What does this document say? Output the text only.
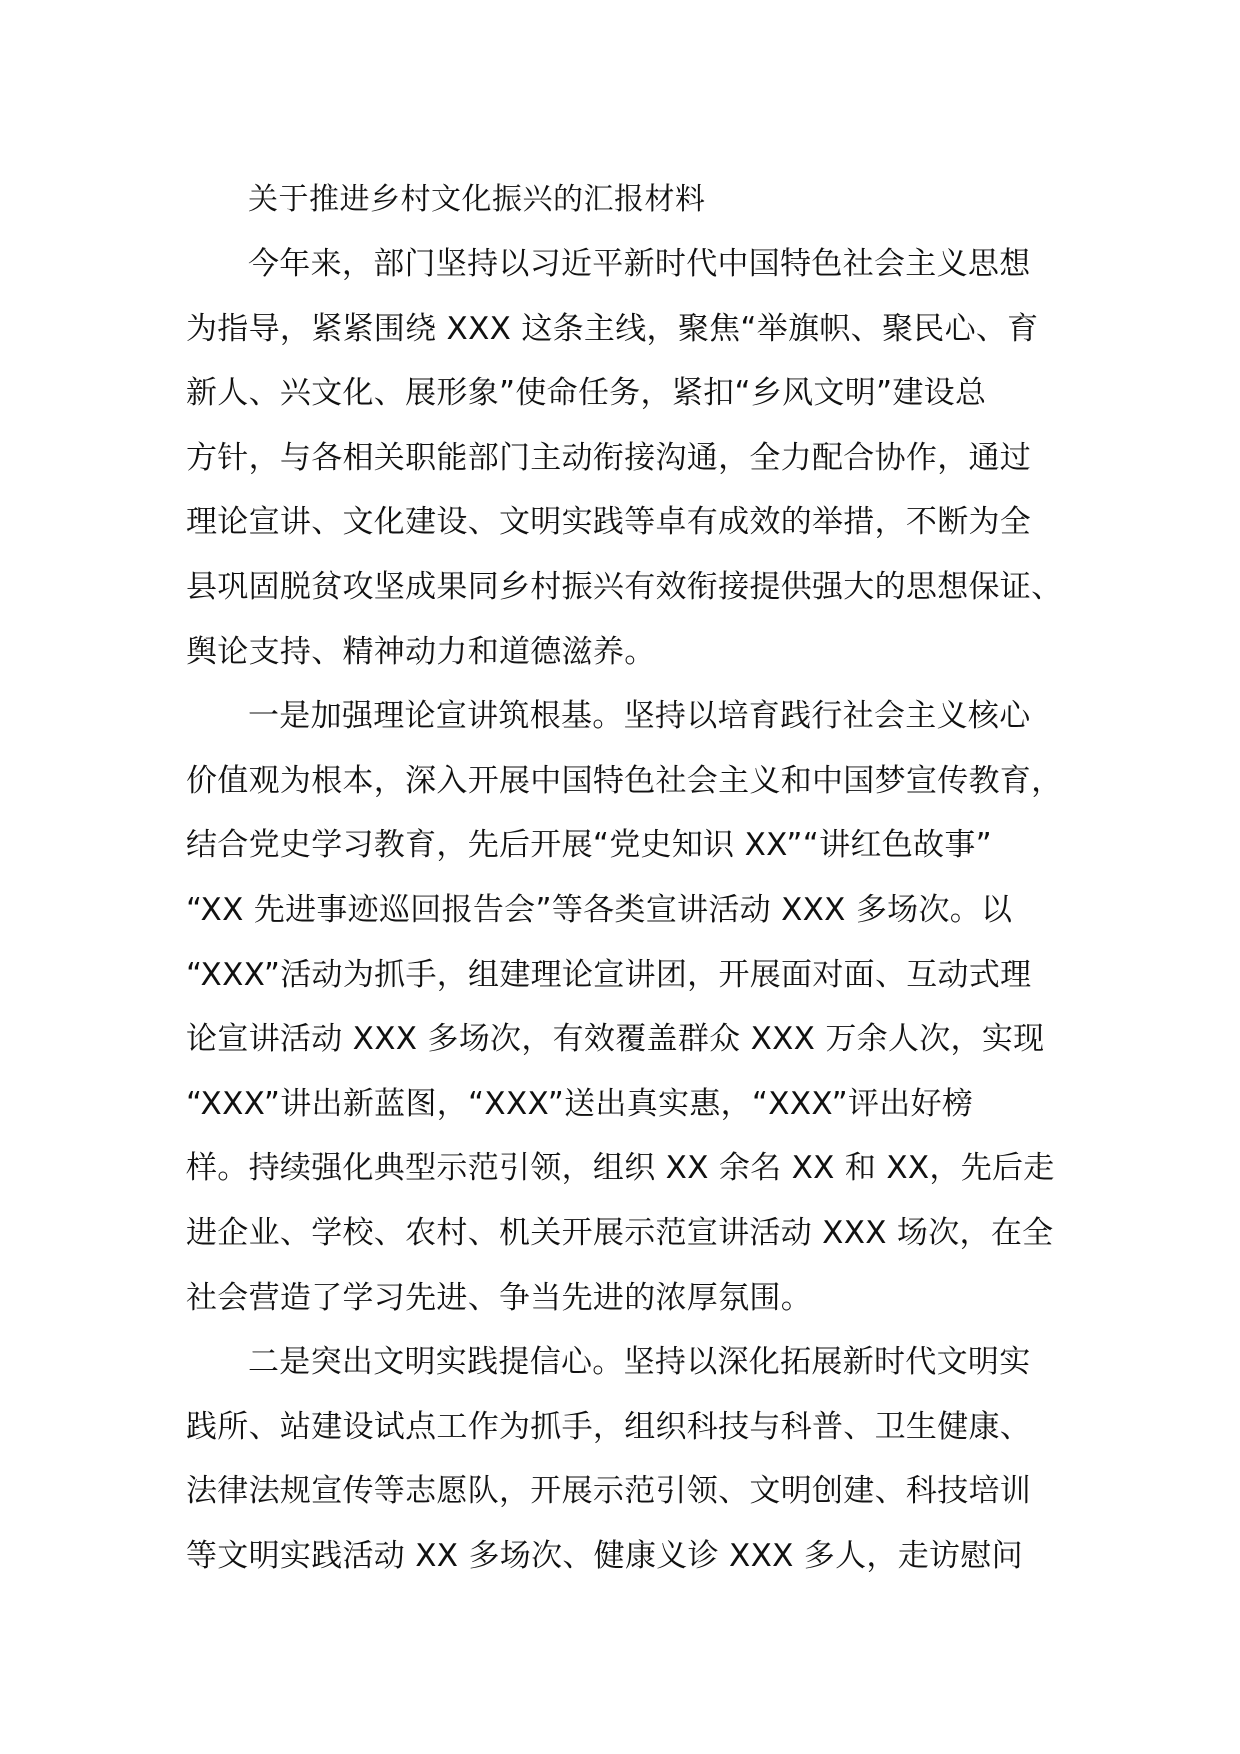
关于推进乡村文化振兴的汇报材料

今年来，部门坚持以习近平新时代中国特色社会主义思想
为指导，紧紧围绕 XXX 这条主线，聚焦“举旗帜、聚民心、育
新人、兴文化、展形象”使命任务，紧扣“乡风文明”建设总
方针，与各相关职能部门主动衔接沟通，全力配合协作，通过
理论宣讲、文化建设、文明实践等卓有成效的举措，不断为全
县巩固脱贫攻坚成果同乡村振兴有效衔接提供强大的思想保证、
舆论支持、精神动力和道德滋养。
一是加强理论宣讲筑根基。坚持以培育践行社会主义核心
价值观为根本，深入开展中国特色社会主义和中国梦宣传教育，
结合党史学习教育，先后开展“党史知识 XX”“讲红色故事”
“XX 先进事迹巡回报告会”等各类宣讲活动 XXX 多场次。以
“XXX”活动为抓手，组建理论宣讲团，开展面对面、互动式理
论宣讲活动 XXX 多场次，有效覆盖群众 XXX 万余人次，实现
“XXX”讲出新蓝图，“XXX”送出真实惠，“XXX”评出好榜
样。持续强化典型示范引领，组织 XX 余名 XX 和 XX，先后走
进企业、学校、农村、机关开展示范宣讲活动 XXX 场次，在全
社会营造了学习先进、争当先进的浓厚氛围。
二是突出文明实践提信心。坚持以深化拓展新时代文明实
践所、站建设试点工作为抓手，组织科技与科普、卫生健康、
法律法规宣传等志愿队，开展示范引领、文明创建、科技培训
等文明实践活动 XX 多场次、健康义诊 XXX 多人，走访慰问
